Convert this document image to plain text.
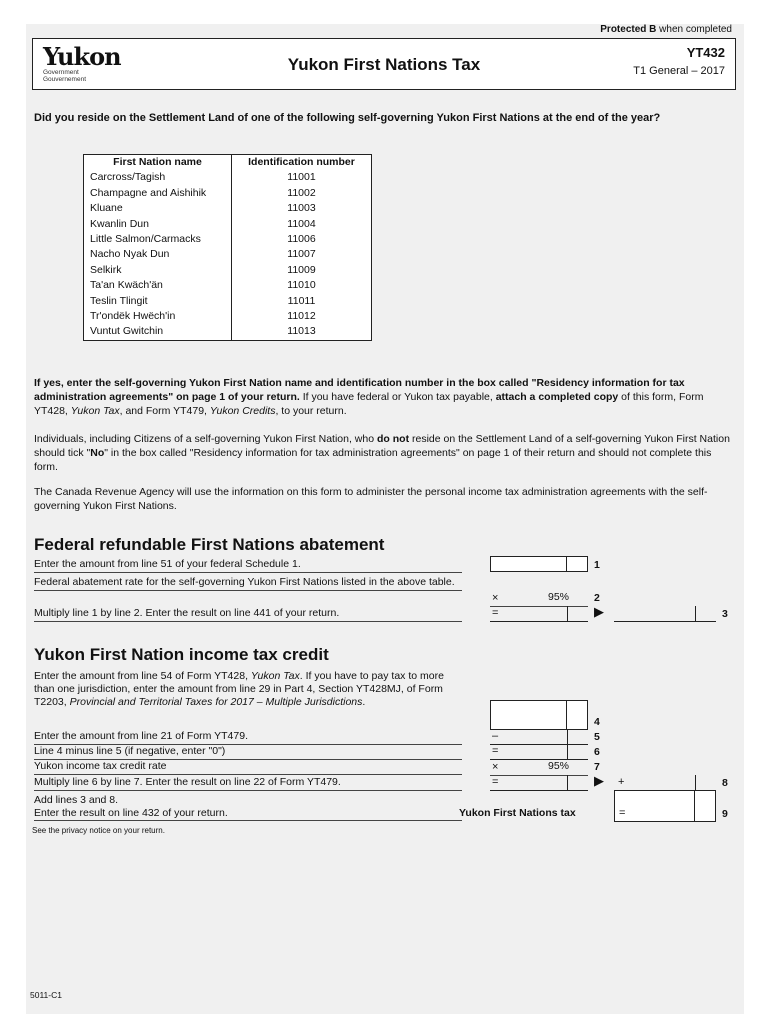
Protected B when completed
Yukon
Government
Gouvernement
Yukon First Nations Tax
YT432
T1 General – 2017
Did you reside on the Settlement Land of one of the following self-governing Yukon First Nations at the end of the year?
First Nation name	Identification number
Carcross/Tagish	11001
Champagne and Aishihik	11002
Kluane	11003
Kwanlin Dun	11004
Little Salmon/Carmacks	11006
Nacho Nyak Dun	11007
Selkirk	11009
Ta'an Kwäch'än	11010
Teslin Tlingit	11011
Tr'ondëk Hwëch'in	11012
Vuntut Gwitchin	11013
If yes, enter the self-governing Yukon First Nation name and identification number in the box called "Residency information for tax administration agreements" on page 1 of your return. If you have federal or Yukon tax payable, attach a completed copy of this form, Form YT428, Yukon Tax, and Form YT479, Yukon Credits, to your return.
Individuals, including Citizens of a self-governing Yukon First Nation, who do not reside on the Settlement Land of a self-governing Yukon First Nation should tick "No" in the box called "Residency information for tax administration agreements" on page 1 of their return and should not complete this form.
The Canada Revenue Agency will use the information on this form to administer the personal income tax administration agreements with the self-governing Yukon First Nations.
Federal refundable First Nations abatement
Enter the amount from line 51 of your federal Schedule 1.	1
Federal abatement rate for the self-governing Yukon First Nations listed in the above table.
×	95% 2
Multiply line 1 by line 2. Enter the result on line 441 of your return.	=	▶	3
Yukon First Nation income tax credit
Enter the amount from line 54 of Form YT428, Yukon Tax. If you have to pay tax to more than one jurisdiction, enter the amount from line 29 in Part 4, Section YT428MJ, of Form T2203, Provincial and Territorial Taxes for 2017 – Multiple Jurisdictions.
4
Enter the amount from line 21 of Form YT479.	–	5
Line 4 minus line 5 (if negative, enter "0")	=	6
Yukon income tax credit rate	×	95% 7
Multiply line 6 by line 7. Enter the result on line 22 of Form YT479.	=	▶ +	8
Add lines 3 and 8.
Enter the result on line 432 of your return.	Yukon First Nations tax	=	9
See the privacy notice on your return.
5011-C1
